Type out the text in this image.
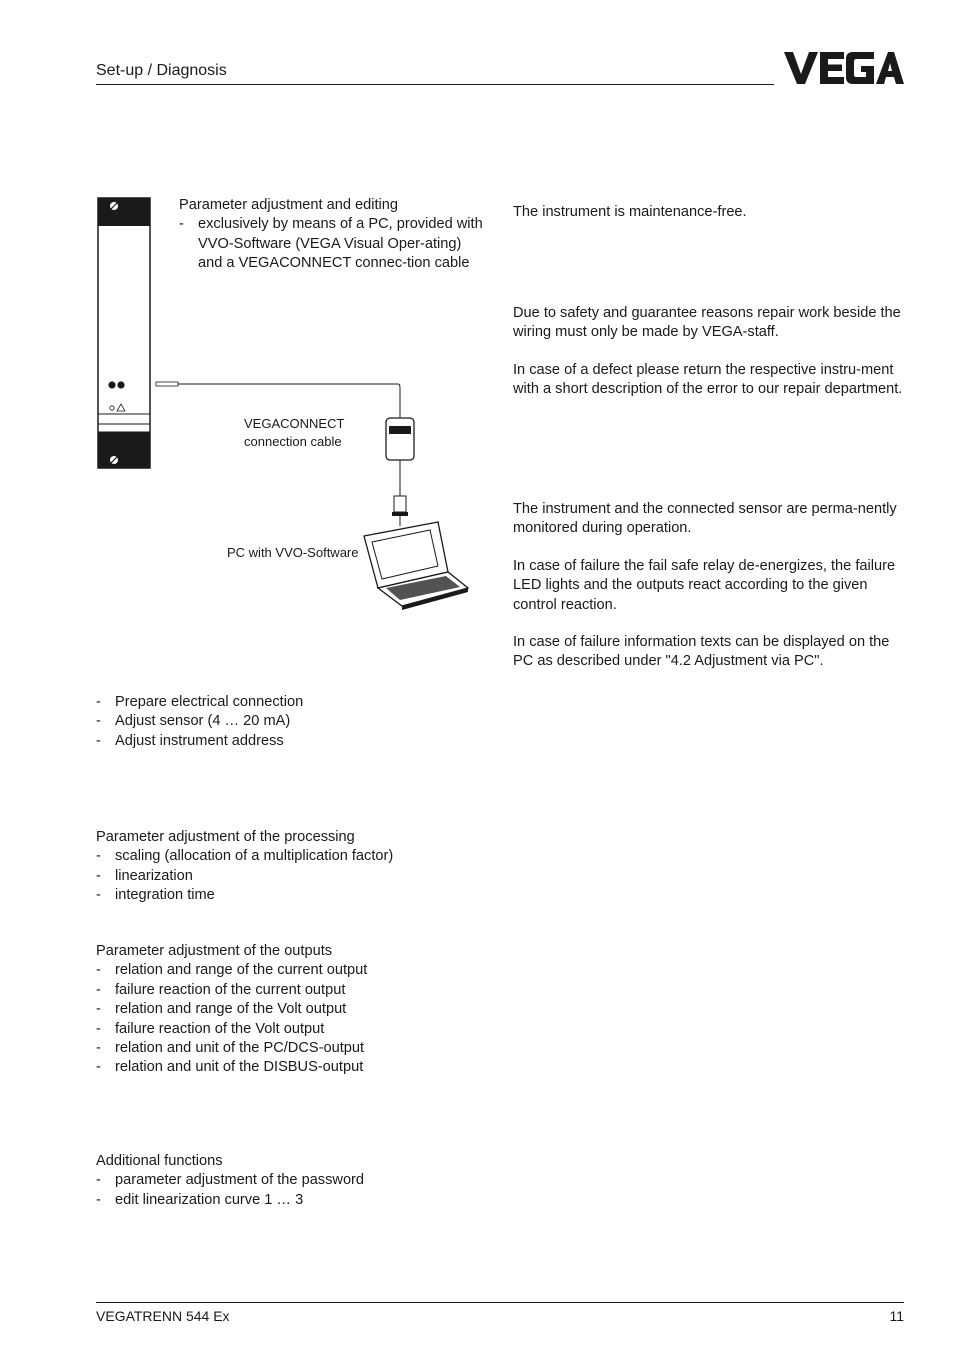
Set-up / Diagnosis

Parameter adjustment and editing

- exclusively by means of a PC, provided with VVO-Software (VEGA Visual Oper-ating) and a VEGACONNECT connec-tion cable
VEGACONNECT
connection cable
PC with VVO-Software
- Prepare electrical connection
- Adjust sensor (4 … 20 mA)
- Adjust instrument address

Parameter adjustment of the processing

- scaling (allocation of a multiplication factor)
- linearization
- integration time

Parameter adjustment of the outputs

- relation and range of the current output
- failure reaction of the current output
- relation and range of the Volt output
- failure reaction of the Volt output
- relation and unit of the PC/DCS-output
- relation and unit of the DISBUS-output

Additional functions

- parameter adjustment of the password
- edit linearization curve 1 … 3
The instrument is maintenance-free.

Due to safety and guarantee reasons repair work beside the wiring must only be made by VEGA-staff.

In case of a defect please return the respective instru-ment with a short description of the error to our repair department.

The instrument and the connected sensor are perma-nently monitored during operation.

In case of failure the fail safe relay de-energizes, the failure LED lights and the outputs react according to the given control reaction.

In case of failure information texts can be displayed on the PC as described under "4.2 Adjustment via PC".

VEGATRENN 544 Ex	11
